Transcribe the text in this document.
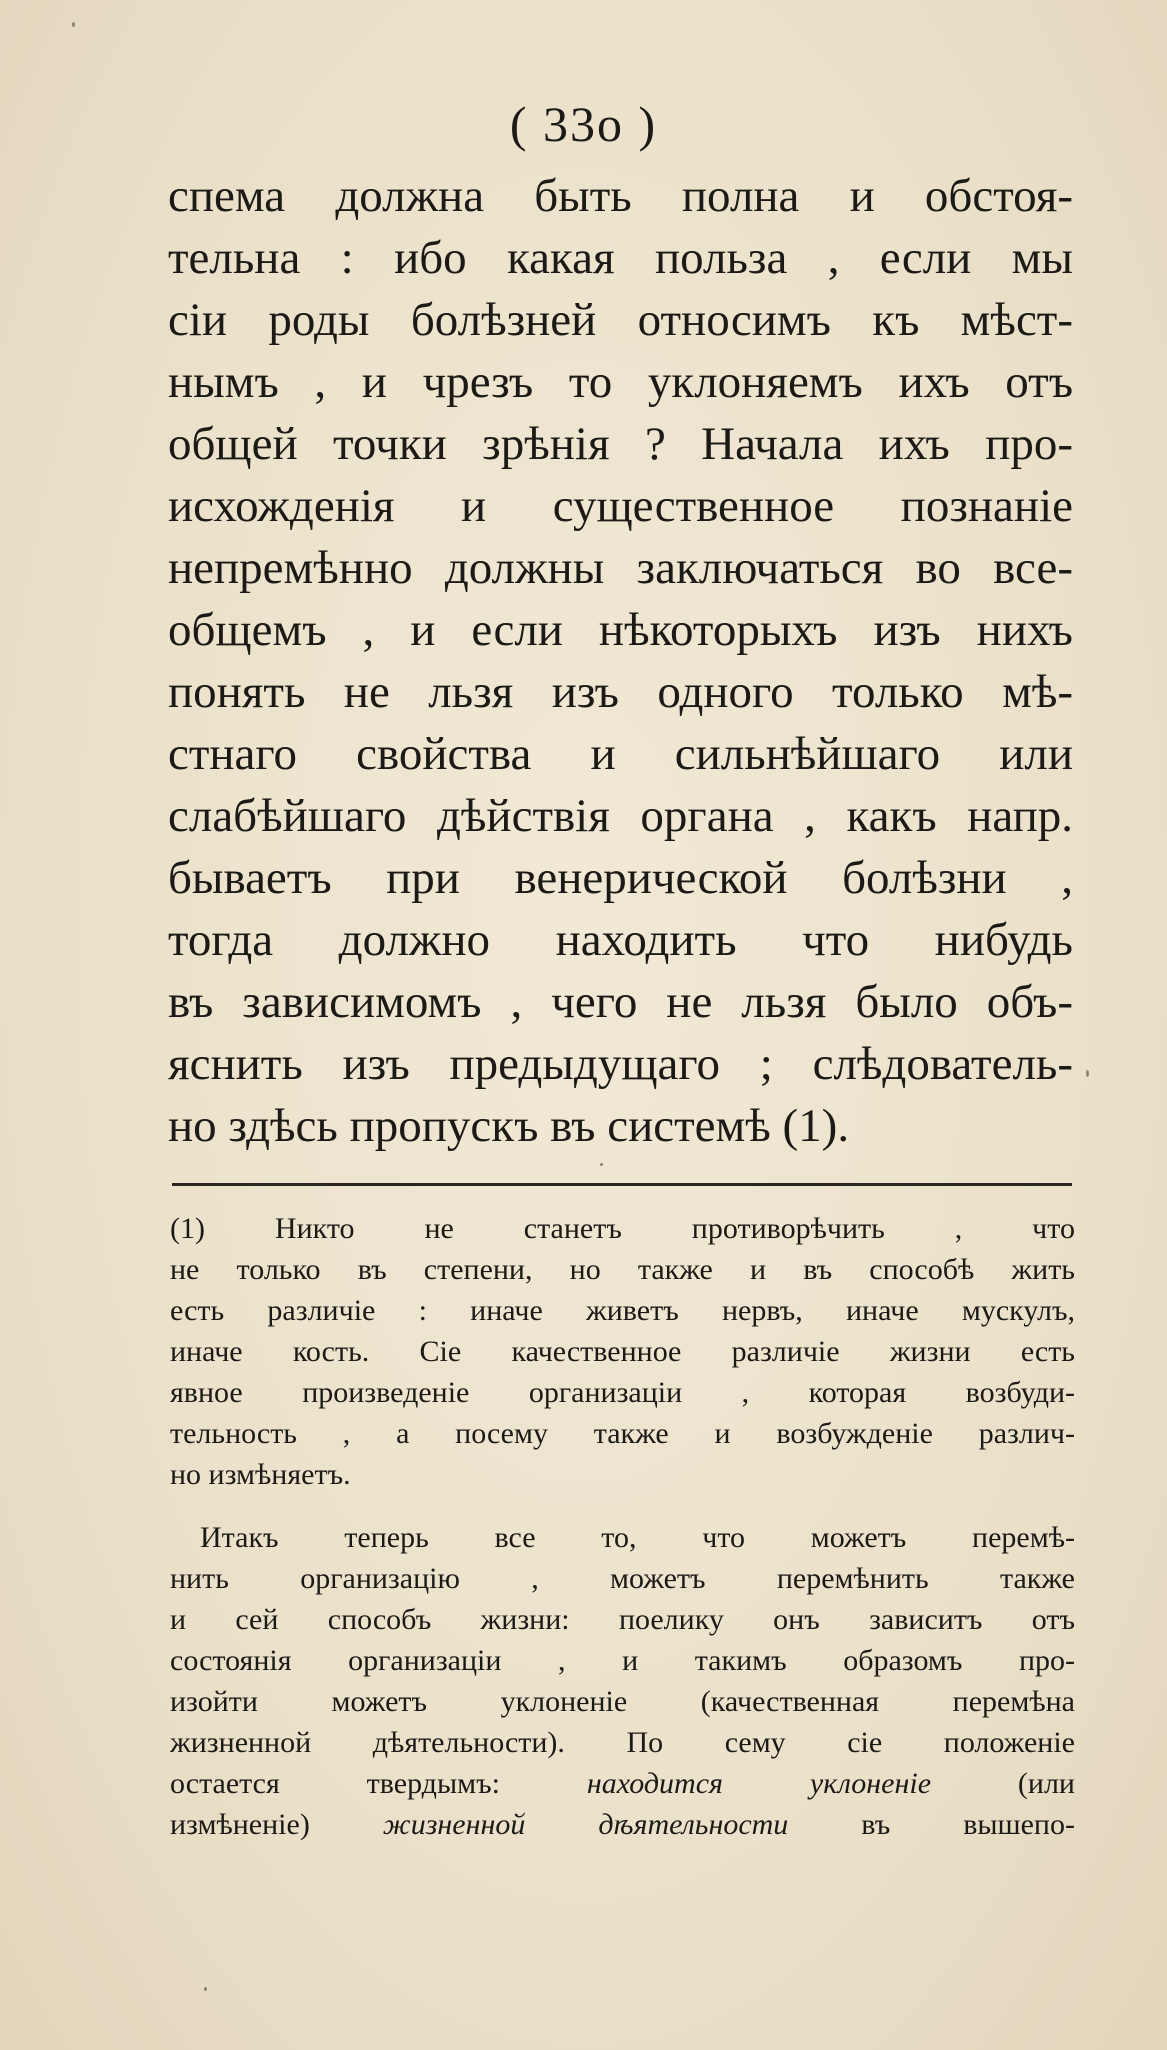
( 33o )
спема должна быть полна и обстоя-
тельна : ибо какая польза , если мы
сіи роды болѣзней относимъ къ мѣст-
нымъ , и чрезъ то уклоняемъ ихъ отъ
общей точки зрѣнія ? Начала ихъ про-
исхожденія и существенное познаніе
непремѣнно должны заключаться во все-
общемъ , и если нѣкоторыхъ изъ нихъ
понять не льзя изъ одного только мѣ-
стнаго свойства и сильнѣйшаго или
слабѣйшаго дѣйствія органа , какъ напр.
бываетъ при венерической болѣзни ,
тогда должно находить что нибудь
въ зависимомъ , чего не льзя было объ-
яснить изъ предыдущаго ; слѣдователь-
но здѣсь пропускъ въ системѣ (1).
(1) Никто не станетъ противорѣчить , что
не только въ степени, но также и въ способѣ жить
есть различіе : иначе живетъ нервъ, иначе мускулъ,
иначе кость. Сіе качественное различіе жизни есть
явное произведеніе организаціи , которая возбуди-
тельность , а посему также и возбужденіе различ-
но измѣняетъ.
Итакъ теперь все то, что можетъ перемѣ-
нить организацію , можетъ перемѣнить также
и сей способъ жизни: поелику онъ зависитъ отъ
состоянія организаціи , и такимъ образомъ про-
изойти можетъ уклоненіе (качественная перемѣна
жизненной дѣятельности). По сему сіе положеніе
остается твердымъ: находится уклоненіе (или
измѣненіе) жизненной дѣятельности въ вышепо-
